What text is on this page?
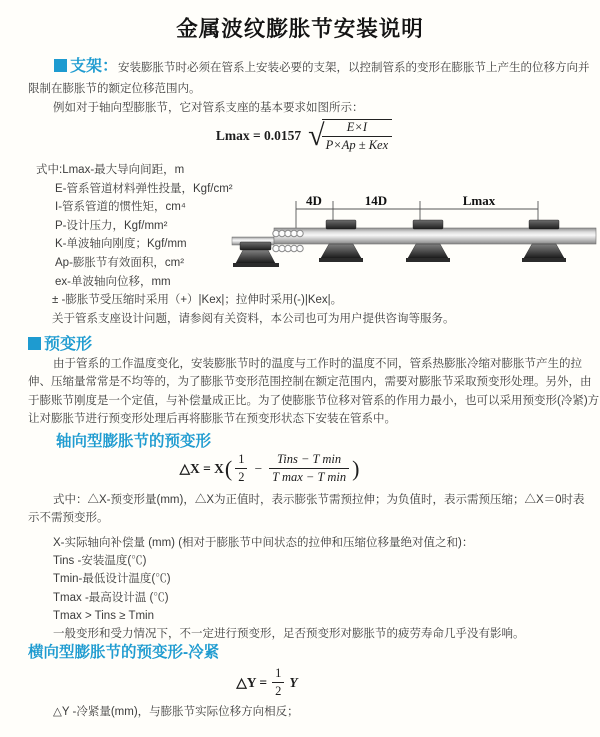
金属波纹膨胀节安装说明
支架：安装膨胀节时必须在管系上安装必要的支架，以控制管系的变形在膨胀节上产生的位移方向并
限制在膨胀节的额定位移范围内。
例如对于轴向型膨胀节，它对管系支座的基本要求如图所示：
Lmax = 0.0157 √	E×I
P×Ap ± Kex
式中:Lmax-最大导向间距，m
E-管系管道材料弹性投量，Kgf/cm²
I-管系管道的惯性矩，cm⁴
P-设计压力，Kgf/mm²
K-单波轴向刚度；Kgf/mm
Ap-膨胀节有效面积，cm²
ex-单波轴向位移，mm
± -膨胀节受压缩时采用（+）|Kex|；拉伸时采用(-)|Kex|。
关于管系支座设计问题，请参阅有关资料，本公司也可为用户提供咨询等服务。
4D	14D	Lmax
预变形
由于管系的工作温度变化，安装膨胀节时的温度与工作时的温度不同，管系热膨胀冷缩对膨胀节产生的拉
伸、压缩量常常是不均等的，为了膨胀节变形范围控制在额定范围内，需要对膨胀节采取预变形处理。另外，由
于膨账节刚度是一个定值，与补偿量成正比。为了使膨胀节位移对管系的作用力最小，也可以采用预变形(冷紧)方
让对膨胀节进行预变形处理后再将膨胀节在预变形状态下安装在管系中。
轴向型膨胀节的预变形
△X = X ( $\frac{1}{2} - \frac{\text{Tins − T min}}{\text{T max − T min}}$ )
式中：△X-预变形量(mm)，△X为正值时，表示膨张节需预拉伸；为负值时，表示需预压缩；△X＝0时表
示不需预变形。
X-实际轴向补偿量 (mm) (相对于膨胀节中间状态的拉伸和压缩位移量绝对值之和)：
Tins -安装温度(℃)
Tmin-最低设计温度(℃)
Tmax -最高设计温 (℃)
Tmax > Tins ≥ Tmin
一般变形和受力情况下，不一定进行预变形，足否预变形对膨胀节的疲劳寿命几乎没有影响。
横向型膨胀节的预变形-冷紧
△Y = $\frac{1}{2}$ Y
△Y -冷紧量(mm)，与膨胀节实际位移方向相反；
